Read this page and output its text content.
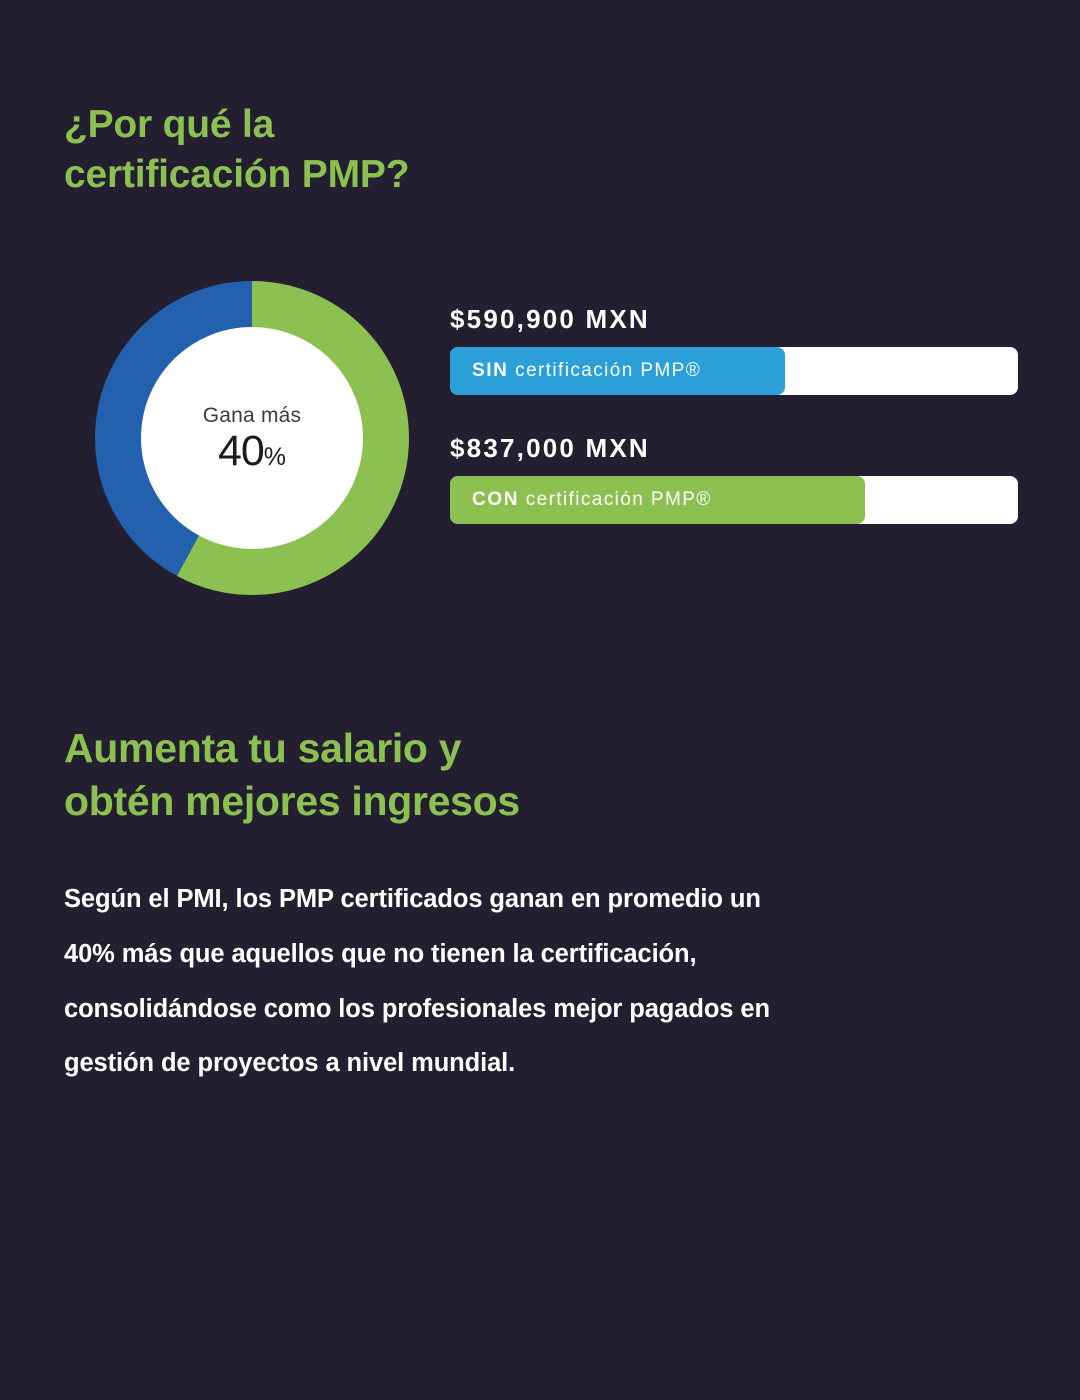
¿Por qué la
certificación PMP?
Gana más
40%
$590,900 MXN
SIN certificación PMP®
$837,000 MXN
CON certificación PMP®
Aumenta tu salario y
obtén mejores ingresos
Según el PMI, los PMP certificados ganan en promedio un
40% más que aquellos que no tienen la certificación,
consolidándose como los profesionales mejor pagados en
gestión de proyectos a nivel mundial.
